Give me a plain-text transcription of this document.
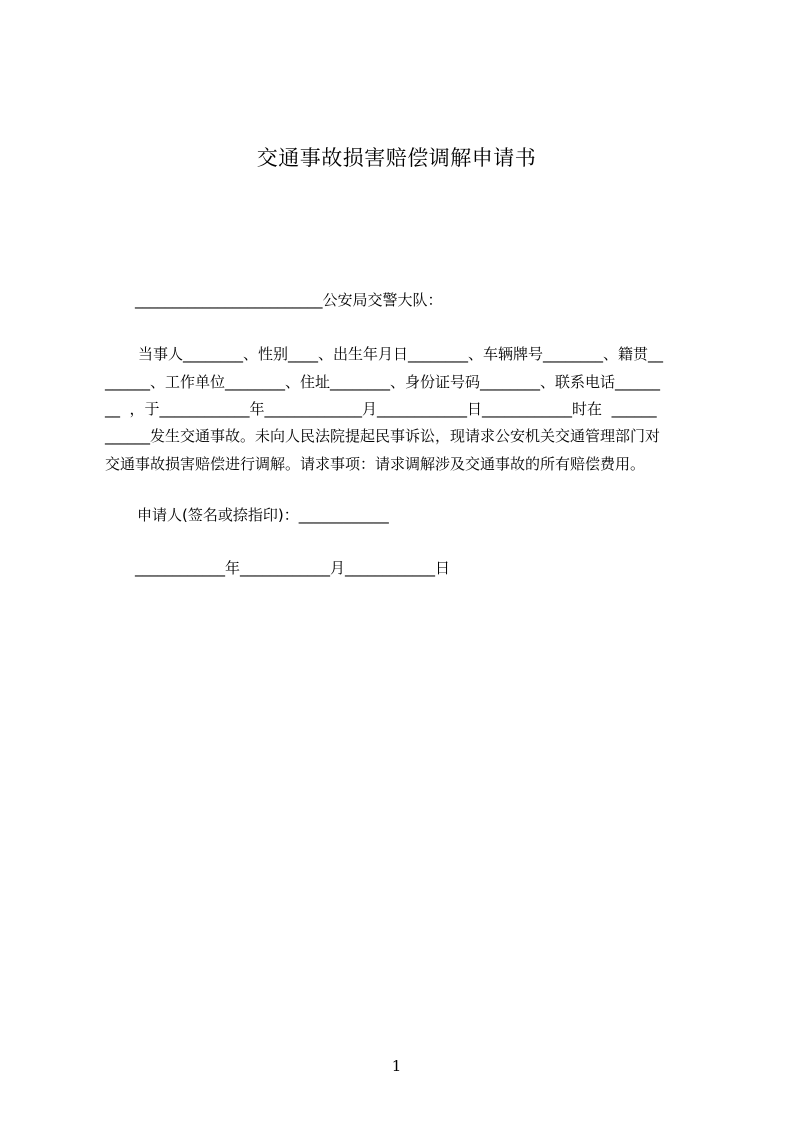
交通事故损害赔偿调解申请书
_________________________公安局交警大队：
当事人________、性别____、出生年月日________、车辆牌号________、籍贯__
______、工作单位________、住址________、身份证号码________、联系电话______
__  ，于____________年_____________月____________日____________时在  ______
______发生交通事故。未向人民法院提起民事诉讼，现请求公安机关交通管理部门对
交通事故损害赔偿进行调解。请求事项：请求调解涉及交通事故的所有赔偿费用。
申请人(签名或捺指印)：____________
____________年____________月____________日
1
